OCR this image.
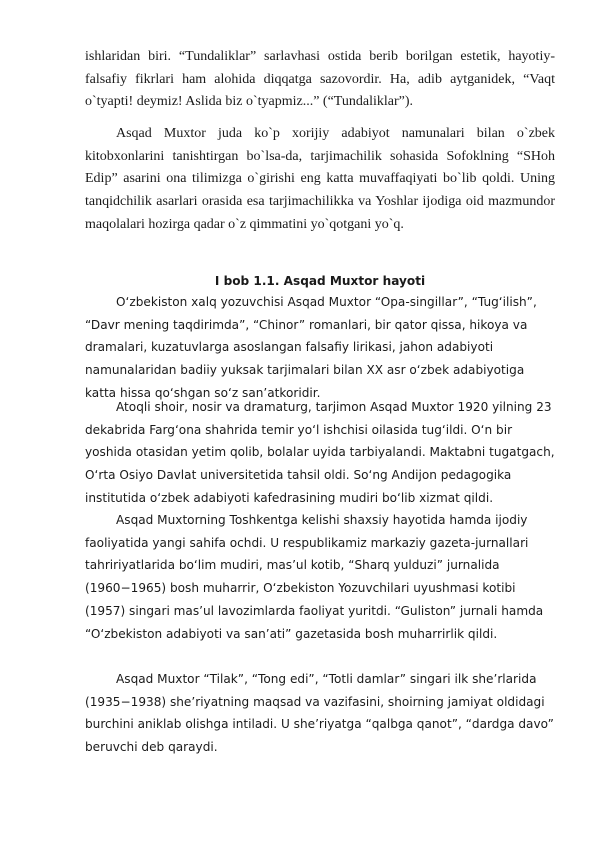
ishlaridan biri. “Tundaliklar” sarlavhasi ostida berib borilgan estetik, hayotiy-falsafiy fikrlari ham alohida diqqatga sazovordir. Ha, adib aytganidek, “Vaqt o`tyapti! deymiz! Aslida biz o`tyapmiz...” (“Tundaliklar”).

Asqad Muxtor juda ko`p xorijiy adabiyot namunalari bilan o`zbek kitobxonlarini tanishtirgan bo`lsa-da, tarjimachilik sohasida Sofoklning “SHoh Edip” asarini ona tilimizga o`girishi eng katta muvaffaqiyati bo`lib qoldi. Uning tanqidchilik asarlari orasida esa tarjimachilikka va Yoshlar ijodiga oid mazmundor maqolalari hozirga qadar o`z qimmatini yo`qotgani yo`q.

I bob 1.1. Asqad Muxtor hayoti

O‘zbekiston xalq yozuvchisi Asqad Muxtor “Opa-singillar”, “Tug‘ilish”, “Davr mening taqdirimda”, “Chinor” romanlari, bir qator qissa, hikoya va dramalari, kuzatuvlarga asoslangan falsafiy lirikasi, jahon adabiyoti namunalaridan badiiy yuksak tarjimalari bilan XX asr o‘zbek adabiyotiga katta hissa qo‘shgan so‘z san’atkoridir.

Atoqli shoir, nosir va dramaturg, tarjimon Asqad Muxtor 1920 yilning 23 dekabrida Farg‘ona shahrida temir yo‘l ishchisi oilasida tug‘ildi. O‘n bir yoshida otasidan yetim qolib, bolalar uyida tarbiyalandi. Maktabni tugatgach, O‘rta Osiyo Davlat universitetida tahsil oldi. So‘ng Andijon pedagogika institutida o‘zbek adabiyoti kafedrasining mudiri bo‘lib xizmat qildi.

Asqad Muxtorning Toshkentga kelishi shaxsiy hayotida hamda ijodiy faoliyatida yangi sahifa ochdi. U respublikamiz markaziy gazeta-jurnallari tahririyatlarida bo‘lim mudiri, mas’ul kotib, “Sharq yulduzi” jurnalida (1960−1965) bosh muharrir, O‘zbekiston Yozuvchilari uyushmasi kotibi (1957) singari mas’ul lavozimlarda faoliyat yuritdi. “Guliston” jurnali hamda “O‘zbekiston adabiyoti va san’ati” gazetasida bosh muharrirlik qildi.

Asqad Muxtor “Tilak”, “Tong edi”, “Totli damlar” singari ilk she’rlarida (1935−1938) she’riyatning maqsad va vazifasini, shoirning jamiyat oldidagi burchini aniklab olishga intiladi. U she’riyatga “qalbga qanot”, “dardga davo” beruvchi deb qaraydi.
